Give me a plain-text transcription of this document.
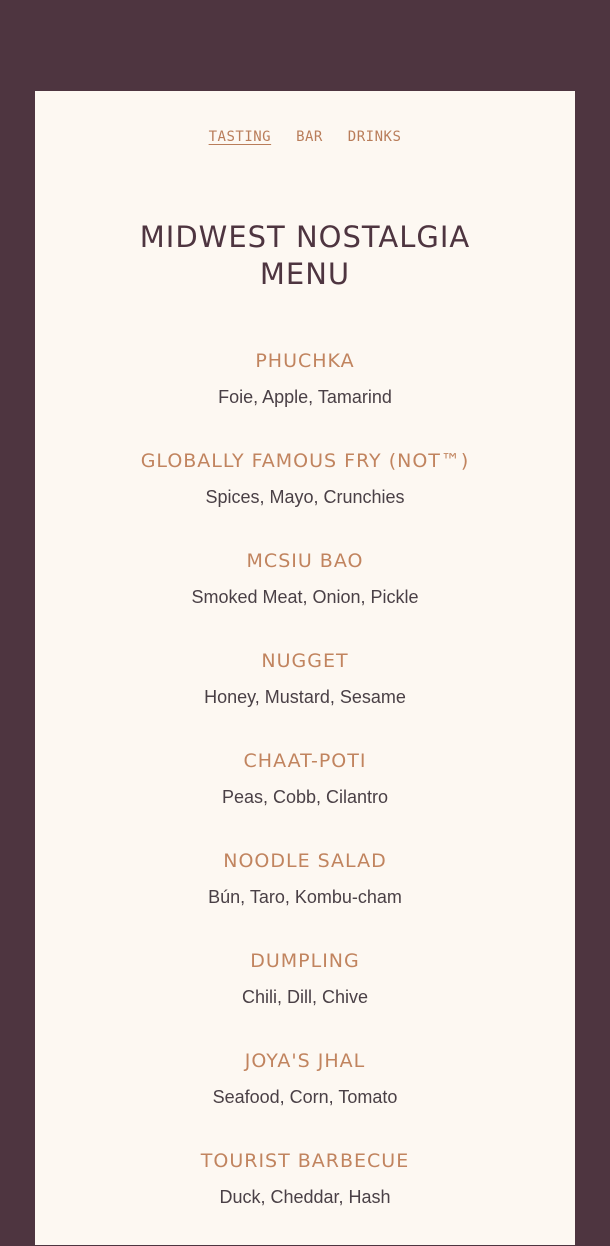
TASTING BAR DRINKS
MIDWEST NOSTALGIA
MENU
PHUCHKA
Foie, Apple, Tamarind
GLOBALLY FAMOUS FRY (NOT™)
Spices, Mayo, Crunchies
MCSIU BAO
Smoked Meat, Onion, Pickle
NUGGET
Honey, Mustard, Sesame
CHAAT-POTI
Peas, Cobb, Cilantro
NOODLE SALAD
Bún, Taro, Kombu-cham
DUMPLING
Chili, Dill, Chive
JOYA'S JHAL
Seafood, Corn, Tomato
TOURIST BARBECUE
Duck, Cheddar, Hash
